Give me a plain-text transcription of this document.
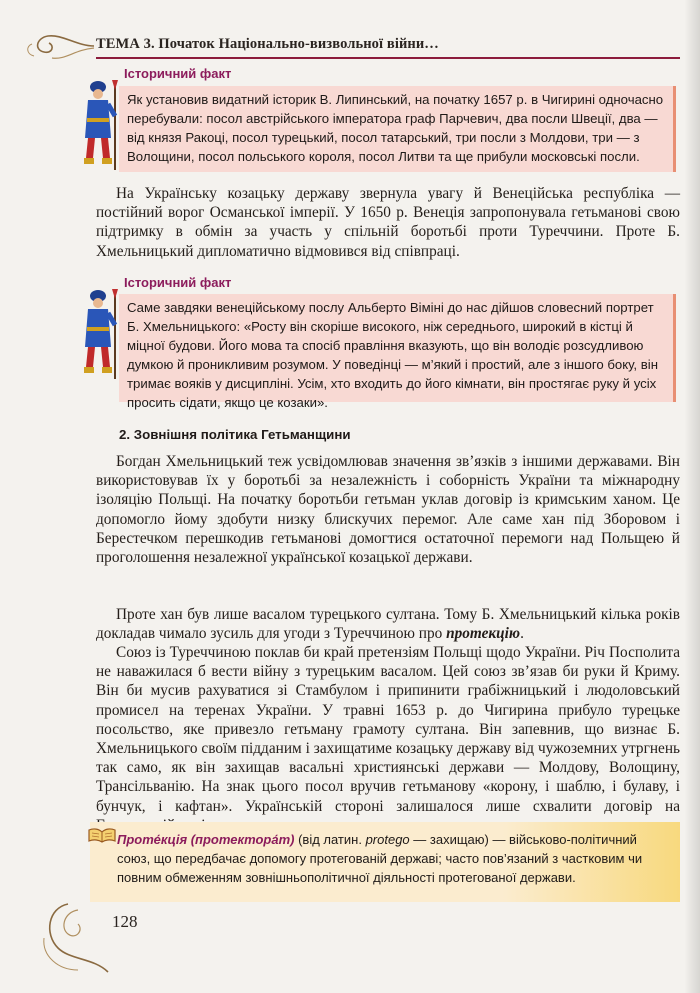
ТЕМА 3. Початок Національно-визвольної війни…
Історичний факт
Як установив видатний історик В. Липинський, на початку 1657 р. в Чигирині одночасно перебували: посол австрійського імператора граф Парчевич, два посли Швеції, два — від князя Ракоці, посол турецький, посол татарський, три посли з Молдови, три — з Волощини, посол польського короля, посол Литви та ще прибули московські посли.
На Українську козацьку державу звернула увагу й Венеційська республіка — постійний ворог Османської імперії. У 1650 р. Венеція запропонувала гетьманові свою підтримку в обмін за участь у спільній боротьбі проти Туреччини. Проте Б. Хмельницький дипломатично відмовився від співпраці.
Історичний факт
Саме завдяки венеційському послу Альберто Вiміні до нас дійшов словесний портрет Б. Хмельницького: «Росту він скоріше високого, ніж середнього, широкий в кістці й міцної будови. Його мова та спосіб правління вказують, що він володіє розсудливою думкою й проникливим розумом. У поведінці — м’який і простий, але з іншого боку, він тримає вояків у дисципліні. Усім, хто входить до його кімнати, він простягає руку й усіх просить сідати, якщо це козаки».
2. Зовнішня політика Гетьманщини
Богдан Хмельницький теж усвідомлював значення зв’язків з іншими державами. Він використовував їх у боротьбі за незалежність і соборність України та міжнародну ізоляцію Польщі. На початку боротьби гетьман уклав договір із кримським ханом. Це допомогло йому здобути низку блискучих перемог. Але саме хан під Зборовом і Берестечком перешкодив гетьманові домогтися остаточної перемоги над Польщею й проголошення незалежної української козацької держави.
Проте хан був лише васалом турецького султана. Тому Б. Хмельницький кілька років докладав чимало зусиль для угоди з Туреччиною про протекцію.
Союз із Туреччиною поклав би край претензіям Польщі щодо України. Річ Посполита не наважилася б вести війну з турецьким васалом. Цей союз зв’язав би руки й Криму. Він би мусив рахуватися зі Стамбулом і припинити грабіжницький і людоловський промисел на теренах України. У травні 1653 р. до Чигирина прибуло турецьке посольство, яке привезло гетьману грамоту султана. Він запевнив, що визнає Б. Хмельницького своїм підданим і захищатиме козацьку державу від чужоземних утргнень так само, як він захищав васальні християнські держави — Молдову, Волощину, Трансільванію. На знак цього посол вручив гетьманову «корону, і шаблю, і булаву, і бунчук, і кафтан». Українській стороні залишалося лише схвалити договір на
Проте́кція (протектора́т) (від латин. protego — захищаю) — військово-політичний союз, що передбачає допомогу протегованій державі; часто пов’язаний з частковим чи повним обмеженням зовнішньополітичної діяльності протегованої держави.
128
